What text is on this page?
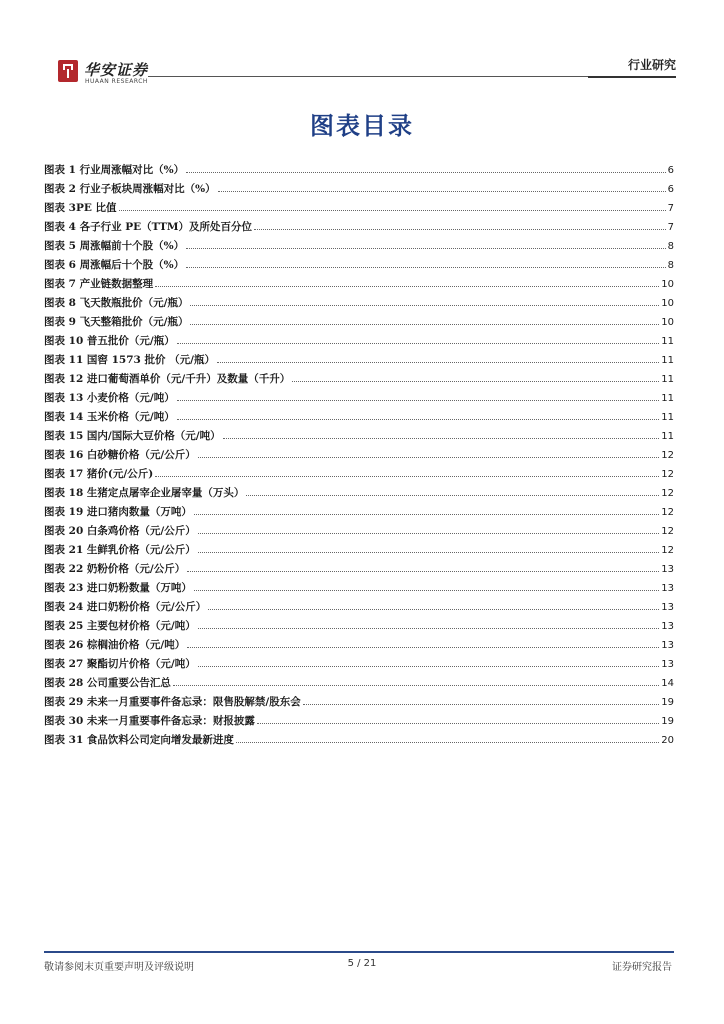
华安证券
HUAAN RESEARCH
行业研究
图表目录
图表 1 行业周涨幅对比（%）	6
图表 2 行业子板块周涨幅对比（%）	6
图表 3PE 比值	7
图表 4 各子行业 PE（TTM）及所处百分位	7
图表 5 周涨幅前十个股（%）	8
图表 6 周涨幅后十个股（%）	8
图表 7 产业链数据整理	10
图表 8 飞天散瓶批价（元/瓶）	10
图表 9 飞天整箱批价（元/瓶）	10
图表 10 普五批价（元/瓶）	11
图表 11 国窖 1573 批价 （元/瓶）	11
图表 12 进口葡萄酒单价（元/千升）及数量（千升）	11
图表 13 小麦价格（元/吨）	11
图表 14 玉米价格（元/吨）	11
图表 15 国内/国际大豆价格（元/吨）	11
图表 16 白砂糖价格（元/公斤）	12
图表 17 猪价(元/公斤)	12
图表 18 生猪定点屠宰企业屠宰量（万头）	12
图表 19 进口猪肉数量（万吨）	12
图表 20 白条鸡价格（元/公斤）	12
图表 21 生鲜乳价格（元/公斤）	12
图表 22 奶粉价格（元/公斤）	13
图表 23 进口奶粉数量（万吨）	13
图表 24 进口奶粉价格（元/公斤）	13
图表 25 主要包材价格（元/吨）	13
图表 26 棕榈油价格（元/吨）	13
图表 27 聚酯切片价格（元/吨）	13
图表 28 公司重要公告汇总	14
图表 29 未来一月重要事件备忘录：限售股解禁/股东会	19
图表 30 未来一月重要事件备忘录：财报披露	19
图表 31 食品饮料公司定向增发最新进度	20
敬请参阅末页重要声明及评级说明	5 / 21	证券研究报告
